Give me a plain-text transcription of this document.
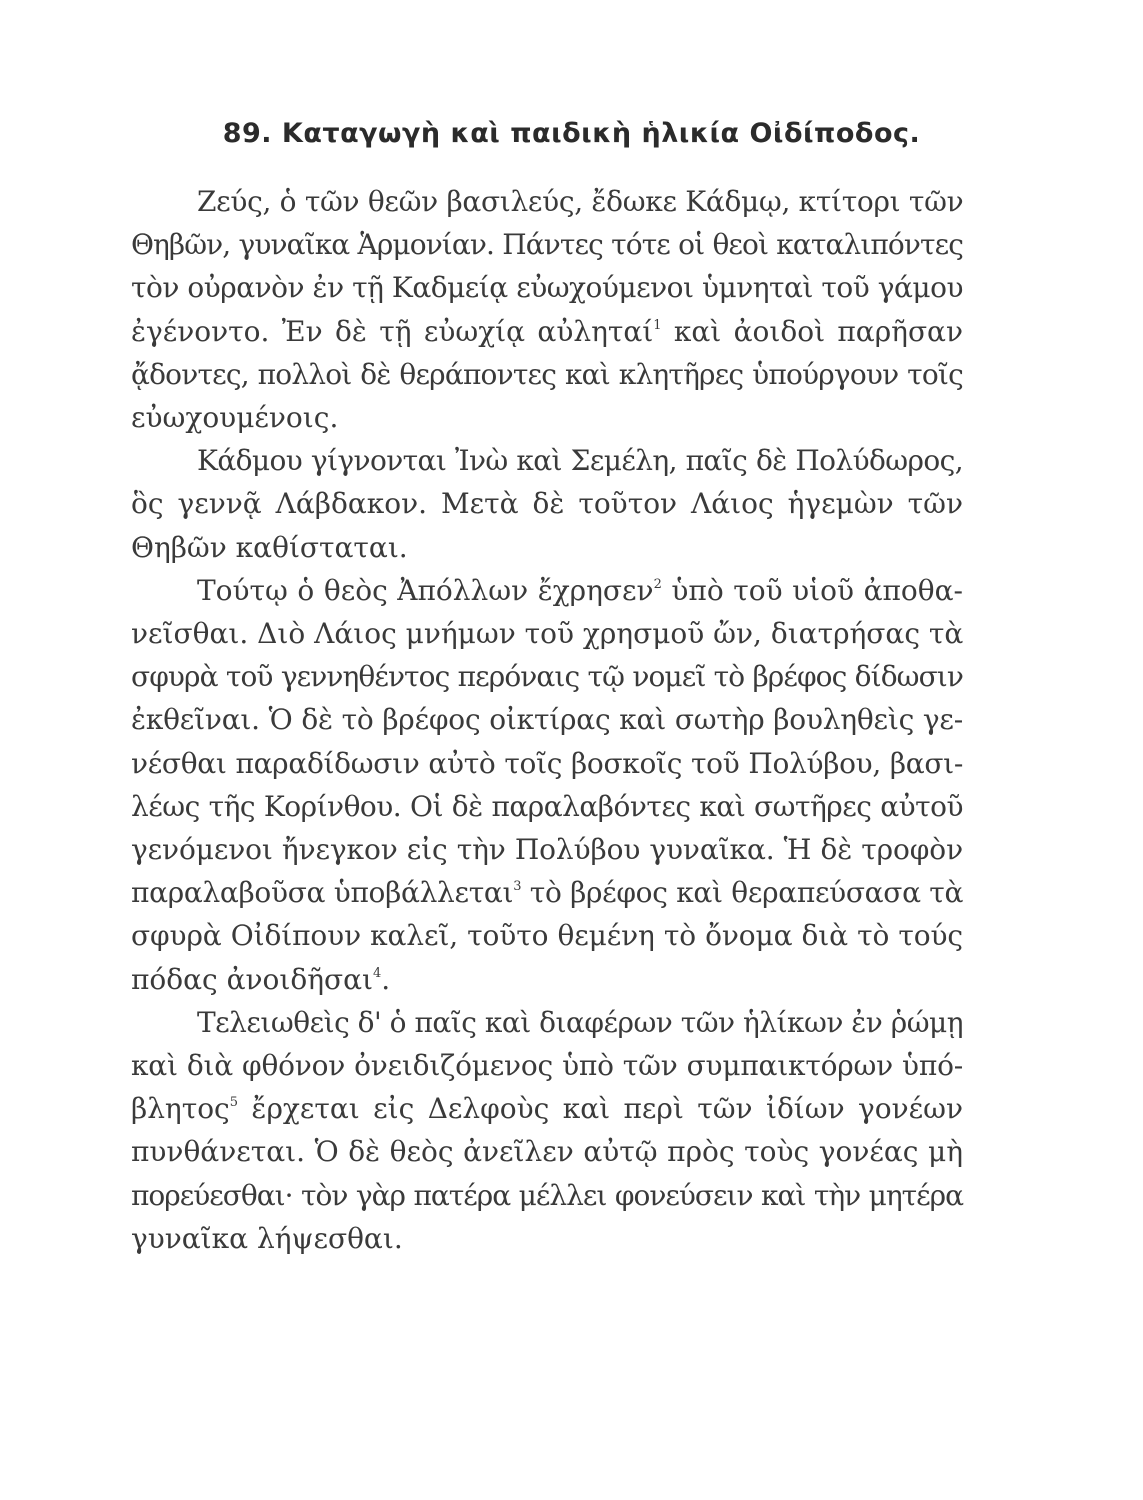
89. Καταγωγὴ καὶ παιδικὴ ἡλικία Οἰδίποδος.
Ζεύς, ὁ τῶν θεῶν βασιλεύς, ἔδωκε Κάδμῳ, κτίτορι τῶν
Θηβῶν, γυναῖκα Ἁρμονίαν. Πάντες τότε οἱ θεοὶ καταλιπόντες
τὸν οὐρανὸν ἐν τῇ Καδμείᾳ εὐωχούμενοι ὑμνηταὶ τοῦ γάμου
ἐγένοντο. Ἐν δὲ τῇ εὐωχίᾳ αὐληταί$^1$ καὶ ἀοιδοὶ παρῆσαν
ᾄδοντες, πολλοὶ δὲ θεράποντες καὶ κλητῆρες ὑπούργουν τοῖς
εὐωχουμένοις.
Κάδμου γίγνονται Ἰνὼ καὶ Σεμέλη, παῖς δὲ Πολύδωρος,
ὃς γεννᾷ Λάβδακον. Μετὰ δὲ τοῦτον Λάιος ἡγεμὼν τῶν
Θηβῶν καθίσταται.
Τούτῳ ὁ θεὸς Ἀπόλλων ἔχρησεν$^2$ ὑπὸ τοῦ υἱοῦ ἀποθα-
νεῖσθαι. Διὸ Λάιος μνήμων τοῦ χρησμοῦ ὤν, διατρήσας τὰ
σφυρὰ τοῦ γεννηθέντος περόναις τῷ νομεῖ τὸ βρέφος δίδωσιν
ἐκθεῖναι. Ὁ δὲ τὸ βρέφος οἰκτίρας καὶ σωτὴρ βουληθεὶς γε-
νέσθαι παραδίδωσιν αὐτὸ τοῖς βοσκοῖς τοῦ Πολύβου, βασι-
λέως τῆς Κορίνθου. Οἱ δὲ παραλαβόντες καὶ σωτῆρες αὐτοῦ
γενόμενοι ἤνεγκον εἰς τὴν Πολύβου γυναῖκα. Ἡ δὲ τροφὸν
παραλαβοῦσα ὑποβάλλεται$^3$ τὸ βρέφος καὶ θεραπεύσασα τὰ
σφυρὰ Οἰδίπουν καλεῖ, τοῦτο θεμένη τὸ ὄνομα διὰ τὸ τούς
πόδας ἀνοιδῆσαι$^4$.
Τελειωθεὶς δ' ὁ παῖς καὶ διαφέρων τῶν ἡλίκων ἐν ῥώμῃ
καὶ διὰ φθόνον ὀνειδιζόμενος ὑπὸ τῶν συμπαικτόρων ὑπό-
βλητος$^5$ ἔρχεται εἰς Δελφοὺς καὶ περὶ τῶν ἰδίων γονέων
πυνθάνεται. Ὁ δὲ θεὸς ἀνεῖλεν αὐτῷ πρὸς τοὺς γονέας μὴ
πορεύεσθαι· τὸν γὰρ πατέρα μέλλει φονεύσειν καὶ τὴν μητέρα
γυναῖκα λήψεσθαι.
